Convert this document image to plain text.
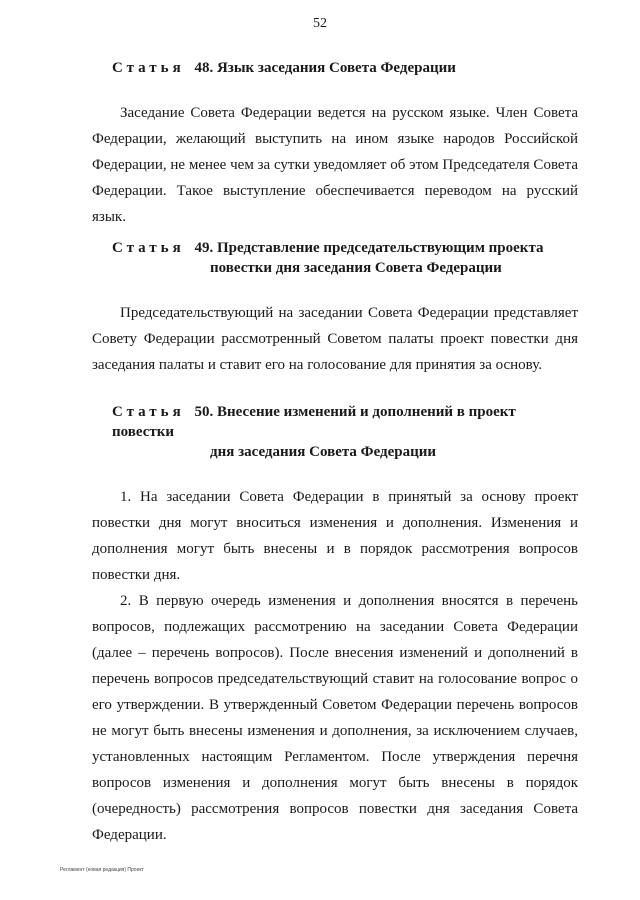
52
Статья 48. Язык заседания Совета Федерации

Заседание Совета Федерации ведется на русском языке. Член Совета Федерации, желающий выступить на ином языке народов Российской Федерации, не менее чем за сутки уведомляет об этом Председателя Совета Федерации. Такое выступление обеспечивается переводом на русский язык.

Статья 49. Представление председательствующим проекта
повестки дня заседания Совета Федерации

Председательствующий на заседании Совета Федерации представляет Совету Федерации рассмотренный Советом палаты проект повестки дня заседания палаты и ставит его на голосование для принятия за основу.

Статья 50. Внесение изменений и дополнений в проект повестки
дня заседания Совета Федерации

1. На заседании Совета Федерации в принятый за основу проект повестки дня могут вноситься изменения и дополнения. Изменения и дополнения могут быть внесены и в порядок рассмотрения вопросов повестки дня.

2. В первую очередь изменения и дополнения вносятся в перечень вопросов, подлежащих рассмотрению на заседании Совета Федерации (далее – перечень вопросов). После внесения изменений и дополнений в перечень вопросов председательствующий ставит на голосование вопрос о его утверждении. В утвержденный Советом Федерации перечень вопросов не могут быть внесены изменения и дополнения, за исключением случаев, установленных настоящим Регламентом. После утверждения перечня вопросов изменения и дополнения могут быть внесены в порядок (очередность) рассмотрения вопросов повестки дня заседания Совета Федерации.

Регламент (новая редакция) Проект
